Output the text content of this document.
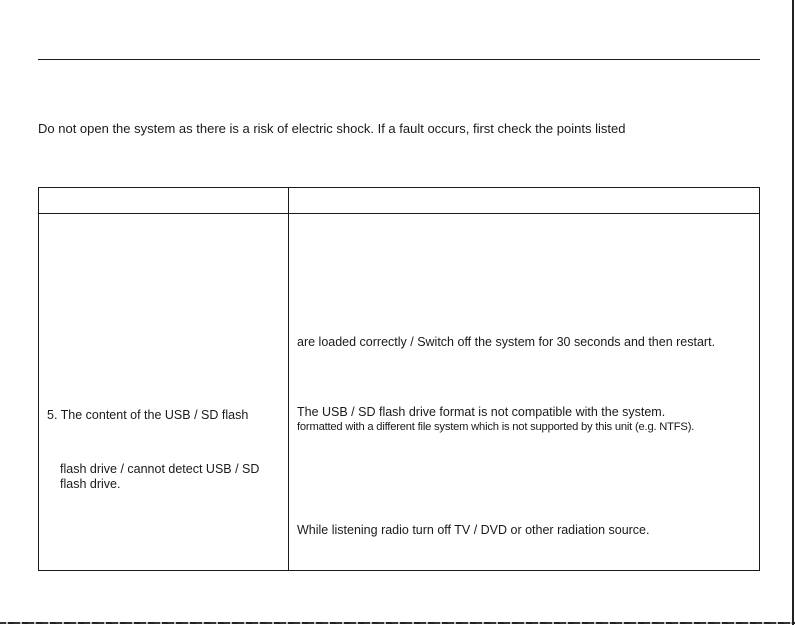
Do not open the system as there is a risk of electric shock. If a fault occurs, first check the points listed
5. The content of the USB / SD flash
flash drive / cannot detect USB / SD
flash drive.
are loaded correctly / Switch off the system for 30 seconds and then restart.
The USB / SD flash drive format is not compatible with the system.
formatted with a different file system which is not supported by this unit (e.g. NTFS).
While listening radio turn off TV / DVD or other radiation source.
